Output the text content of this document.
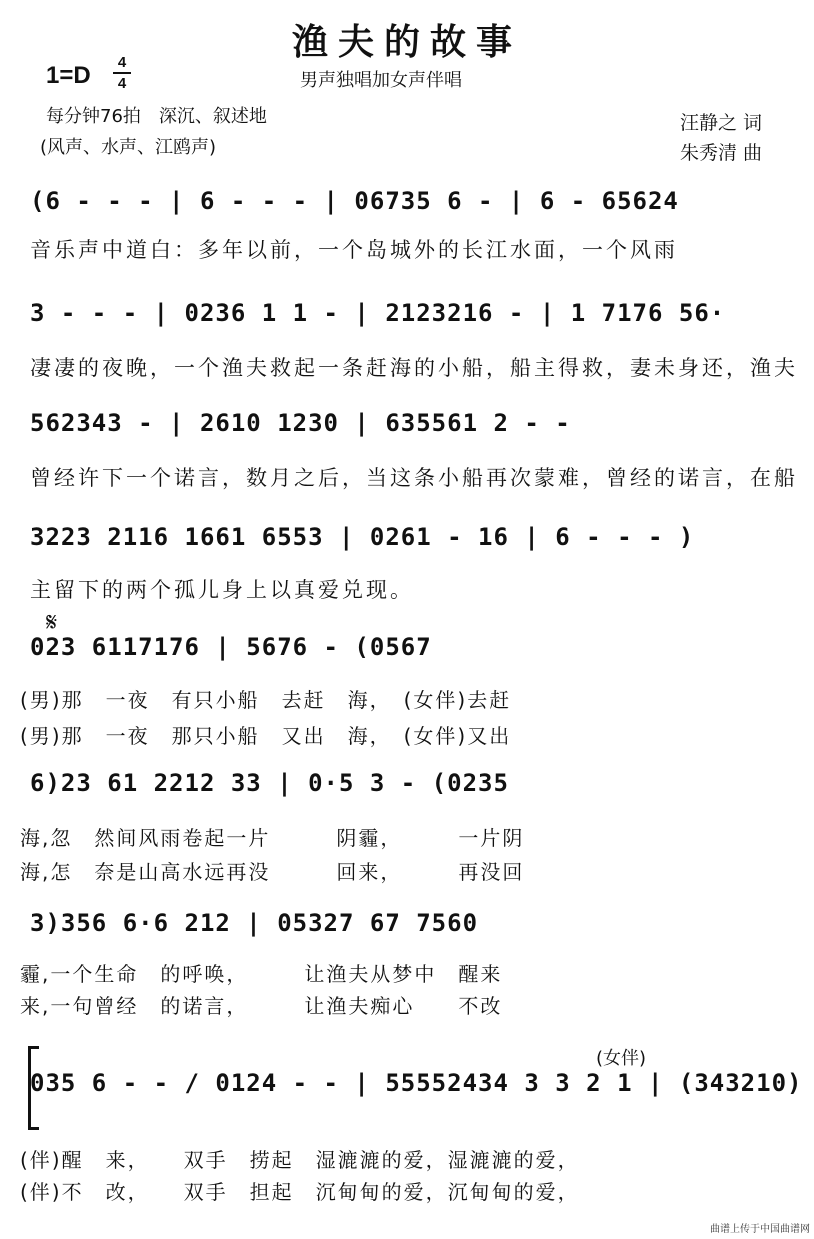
渔夫的故事
1=D	4
4	男声独唱加女声伴唱
每分钟76拍　深沉、叙述地
(风声、水声、江鸥声)
汪静之 词
朱秀清 曲
(6 - - - | 6 - - - | 06735 6 - | 6 - 65624
音乐声中道白：多年以前，一个岛城外的长江水面，一个风雨
3 - - - | 0236 1 1 - | 2123216 - | 1 7176 56·
凄凄的夜晚，一个渔夫救起一条赶海的小船，船主得救，妻未身还，渔夫
562343 - | 2610 1230 | 635561 2 - -
曾经许下一个诺言，数月之后，当这条小船再次蒙难，曾经的诺言，在船
3223 2116 1661 6553 | 0261 - 16 | 6 - - - )
主留下的两个孤儿身上以真爱兑现。
𝄋
023 6117176 | 5676 - (0567
(男)那　一夜　有只小船　去赶　海，　(女伴)去赶
(男)那　一夜　那只小船　又出　海，　(女伴)又出
6)23 61 2212 33 | 0·5 3 - (0235
海,忽　然间风雨卷起一片　　　阴霾，　　　一片阴
海,怎　奈是山高水远再没　　　回来，　　　再没回
3)356 6·6 212 | 05327 67 7560
霾,一个生命　的呼唤，　　　让渔夫从梦中　醒来
来,一句曾经　的诺言，　　　让渔夫痴心　　不改
(女伴)
035 6 - - / 0124 - - | 55552434 3 3 2 1 | (343210)
(伴)醒　来，　　双手　捞起　湿漉漉的爱，湿漉漉的爱，
(伴)不　改，　　双手　担起　沉甸甸的爱，沉甸甸的爱，
曲谱上传于中国曲谱网
